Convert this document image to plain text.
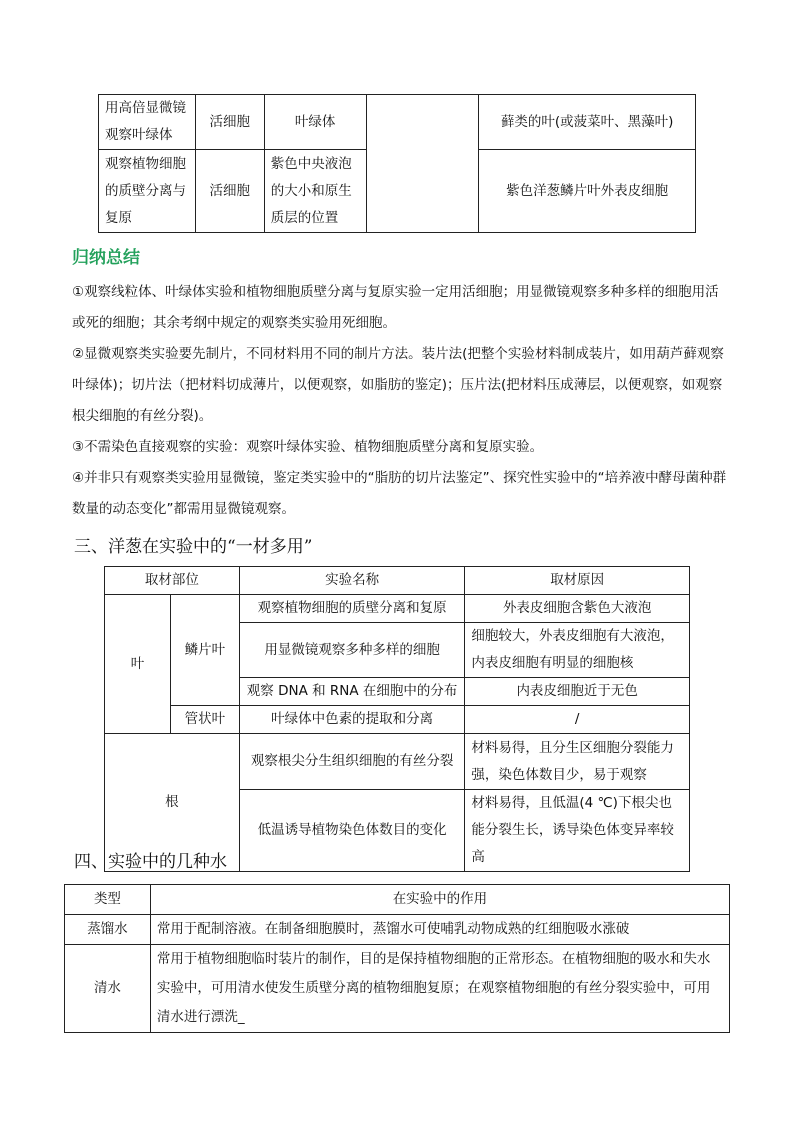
用高倍显微镜观察叶绿体	活细胞	叶绿体		藓类的叶(或菠菜叶、黑藻叶)
观察植物细胞的质壁分离与复原	活细胞	紫色中央液泡的大小和原生质层的位置		紫色洋葱鳞片叶外表皮细胞
归纳总结

①观察线粒体、叶绿体实验和植物细胞质壁分离与复原实验一定用活细胞；用显微镜观察多种多样的细胞用活或死的细胞；其余考纲中规定的观察类实验用死细胞。

②显微观察类实验要先制片，不同材料用不同的制片方法。装片法(把整个实验材料制成装片，如用葫芦藓观察叶绿体)；切片法（把材料切成薄片，以便观察，如脂肪的鉴定)；压片法(把材料压成薄层，以便观察，如观察根尖细胞的有丝分裂)。

③不需染色直接观察的实验：观察叶绿体实验、植物细胞质壁分离和复原实验。

④并非只有观察类实验用显微镜，鉴定类实验中的“脂肪的切片法鉴定”、探究性实验中的“培养液中酵母菌种群数量的动态变化”都需用显微镜观察。

三、洋葱在实验中的“一材多用”
取材部位		实验名称	取材原因
叶	鳞片叶	观察植物细胞的质壁分离和复原	外表皮细胞含紫色大液泡
		用显微镜观察多种多样的细胞	细胞较大，外表皮细胞有大液泡，内表皮细胞有明显的细胞核
		观察 DNA 和 RNA 在细胞中的分布	内表皮细胞近于无色
	管状叶	叶绿体中色素的提取和分离	/
根		观察根尖分生组织细胞的有丝分裂	材料易得，且分生区细胞分裂能力强，染色体数目少，易于观察
		低温诱导植物染色体数目的变化	材料易得，且低温(4 ℃)下根尖也能分裂生长，诱导染色体变异率较高
四、实验中的几种水
类型	在实验中的作用
蒸馏水	常用于配制溶液。在制备细胞膜时，蒸馏水可使哺乳动物成熟的红细胞吸水涨破
清水	常用于植物细胞临时装片的制作，目的是保持植物细胞的正常形态。在植物细胞的吸水和失水实验中，可用清水使发生质壁分离的植物细胞复原；在观察植物细胞的有丝分裂实验中，可用清水进行漂洗_
